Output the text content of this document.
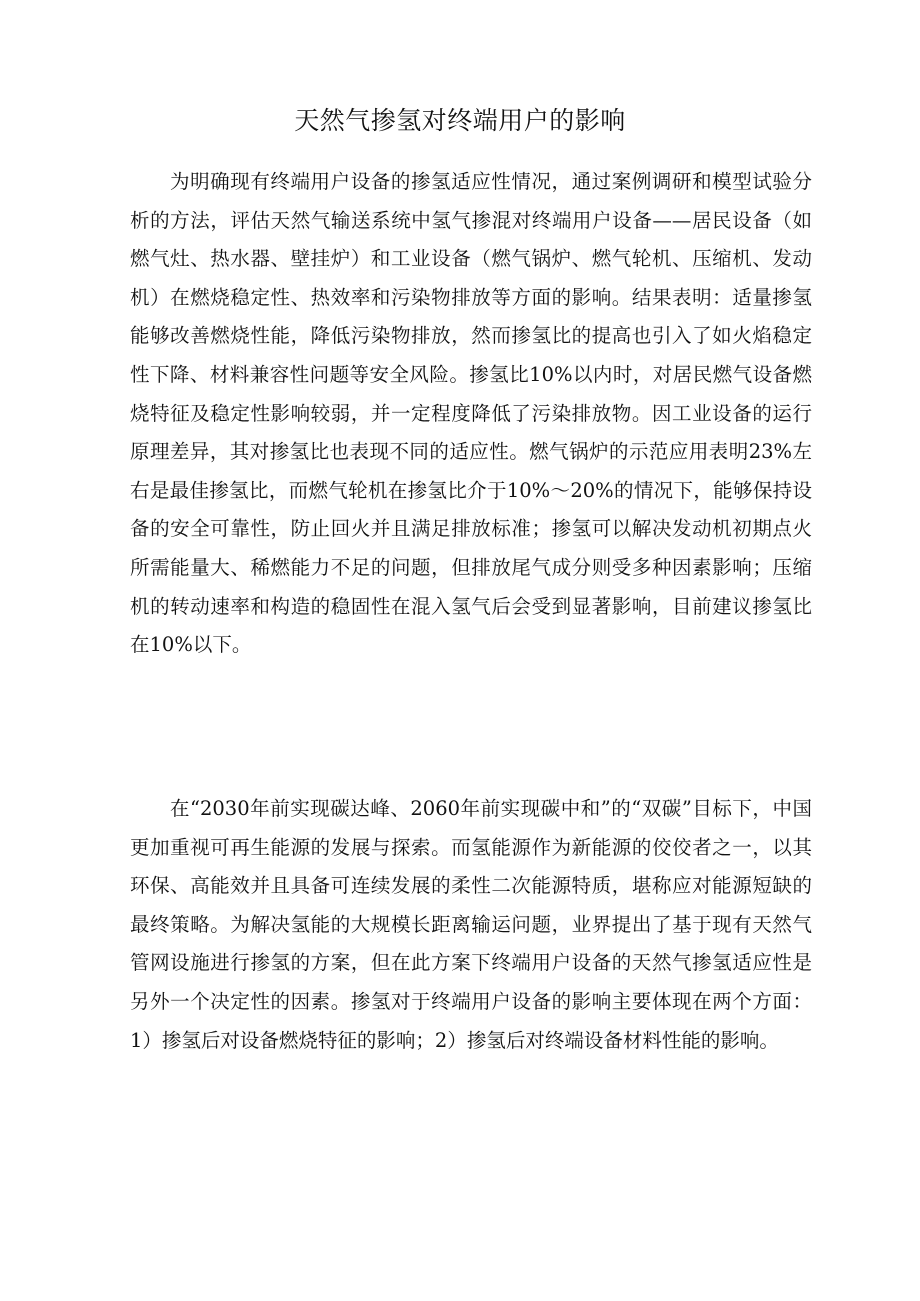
天然气掺氢对终端用户的影响

为明确现有终端用户设备的掺氢适应性情况，通过案例调研和模型试验分析的方法，评估天然气输送系统中氢气掺混对终端用户设备——居民设备（如燃气灶、热水器、壁挂炉）和工业设备（燃气锅炉、燃气轮机、压缩机、发动机）在燃烧稳定性、热效率和污染物排放等方面的影响。结果表明：适量掺氢能够改善燃烧性能，降低污染物排放，然而掺氢比的提高也引入了如火焰稳定性下降、材料兼容性问题等安全风险。掺氢比10%以内时，对居民燃气设备燃烧特征及稳定性影响较弱，并一定程度降低了污染排放物。因工业设备的运行原理差异，其对掺氢比也表现不同的适应性。燃气锅炉的示范应用表明23%左右是最佳掺氢比，而燃气轮机在掺氢比介于10%～20%的情况下，能够保持设备的安全可靠性，防止回火并且满足排放标准；掺氢可以解决发动机初期点火所需能量大、稀燃能力不足的问题，但排放尾气成分则受多种因素影响；压缩机的转动速率和构造的稳固性在混入氢气后会受到显著影响，目前建议掺氢比在10%以下。

在“2030年前实现碳达峰、2060年前实现碳中和”的“双碳”目标下，中国更加重视可再生能源的发展与探索。而氢能源作为新能源的佼佼者之一，以其环保、高能效并且具备可连续发展的柔性二次能源特质，堪称应对能源短缺的最终策略。为解决氢能的大规模长距离输运问题，业界提出了基于现有天然气管网设施进行掺氢的方案，但在此方案下终端用户设备的天然气掺氢适应性是另外一个决定性的因素。掺氢对于终端用户设备的影响主要体现在两个方面：1）掺氢后对设备燃烧特征的影响；2）掺氢后对终端设备材料性能的影响。
